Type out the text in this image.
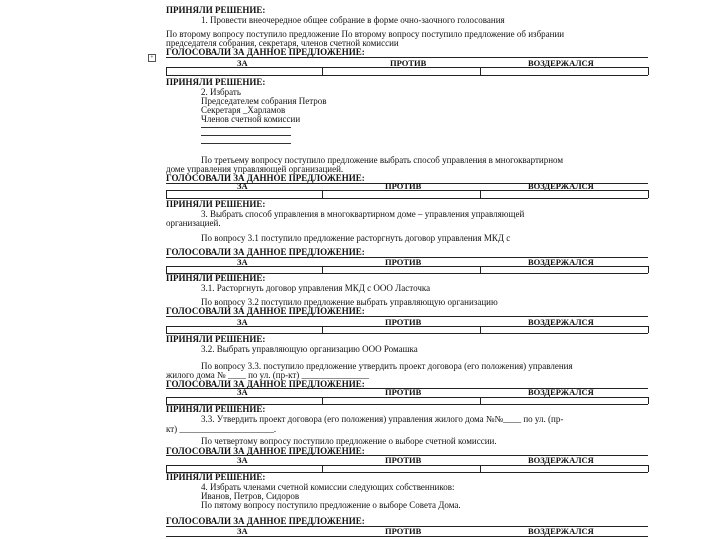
ПРИНЯЛИ РЕШЕНИЕ:
1. Провести внеочередное общее собрание в форме очно-заочного голосования
По второму вопросу поступило предложение По второму вопросу поступило предложение об избрании
председателя собрания, секретаря, членов счетной комиссии
+
ГОЛОСОВАЛИ ЗА ДАННОЕ ПРЕДЛОЖЕНИЕ:
ЗА	ПРОТИВ	ВОЗДЕРЖАЛСЯ
ПРИНЯЛИ РЕШЕНИЕ:
2. Избрать
Председателем собрания Петров
Секретаря _Харламов
Членов счетной комиссии
По третьему вопросу поступило предложение выбрать способ управления в многоквартирном
доме управления управляющей организацией.
ГОЛОСОВАЛИ ЗА ДАННОЕ ПРЕДЛОЖЕНИЕ:
ЗА	ПРОТИВ	ВОЗДЕРЖАЛСЯ
ПРИНЯЛИ РЕШЕНИЕ:
3. Выбрать способ управления в многоквартирном доме – управления управляющей
организацией.
По вопросу 3.1 поступило предложение расторгнуть договор управления МКД с
ГОЛОСОВАЛИ ЗА ДАННОЕ ПРЕДЛОЖЕНИЕ:
ЗА	ПРОТИВ	ВОЗДЕРЖАЛСЯ
ПРИНЯЛИ РЕШЕНИЕ:
3.1. Расторгнуть договор управления МКД с ООО Ласточка
По вопросу 3.2 поступило предложение выбрать управляющую организацию
ГОЛОСОВАЛИ ЗА ДАННОЕ ПРЕДЛОЖЕНИЕ:
ЗА	ПРОТИВ	ВОЗДЕРЖАЛСЯ
ПРИНЯЛИ РЕШЕНИЕ:
3.2. Выбрать управляющую организацию ООО Ромашка
По вопросу 3.3. поступило предложение утвердить проект договора (его положения) управления
жилого дома № ____ по ул. (пр-кт) _______________
ГОЛОСОВАЛИ ЗА ДАННОЕ ПРЕДЛОЖЕНИЕ:
ЗА	ПРОТИВ	ВОЗДЕРЖАЛСЯ
ПРИНЯЛИ РЕШЕНИЕ:
3.3. Утвердить проект договора (его положения) управления жилого дома №№____ по ул. (пр-
кт) _____________________.
По четвертому вопросу поступило предложение о выборе счетной комиссии.
ГОЛОСОВАЛИ ЗА ДАННОЕ ПРЕДЛОЖЕНИЕ:
ЗА	ПРОТИВ	ВОЗДЕРЖАЛСЯ
ПРИНЯЛИ РЕШЕНИЕ:
4. Избрать членами счетной комиссии следующих собственников:
Иванов, Петров, Сидоров
По пятому вопросу поступило предложение о выборе Совета Дома.
ГОЛОСОВАЛИ ЗА ДАННОЕ ПРЕДЛОЖЕНИЕ:
ЗА	ПРОТИВ	ВОЗДЕРЖАЛСЯ
